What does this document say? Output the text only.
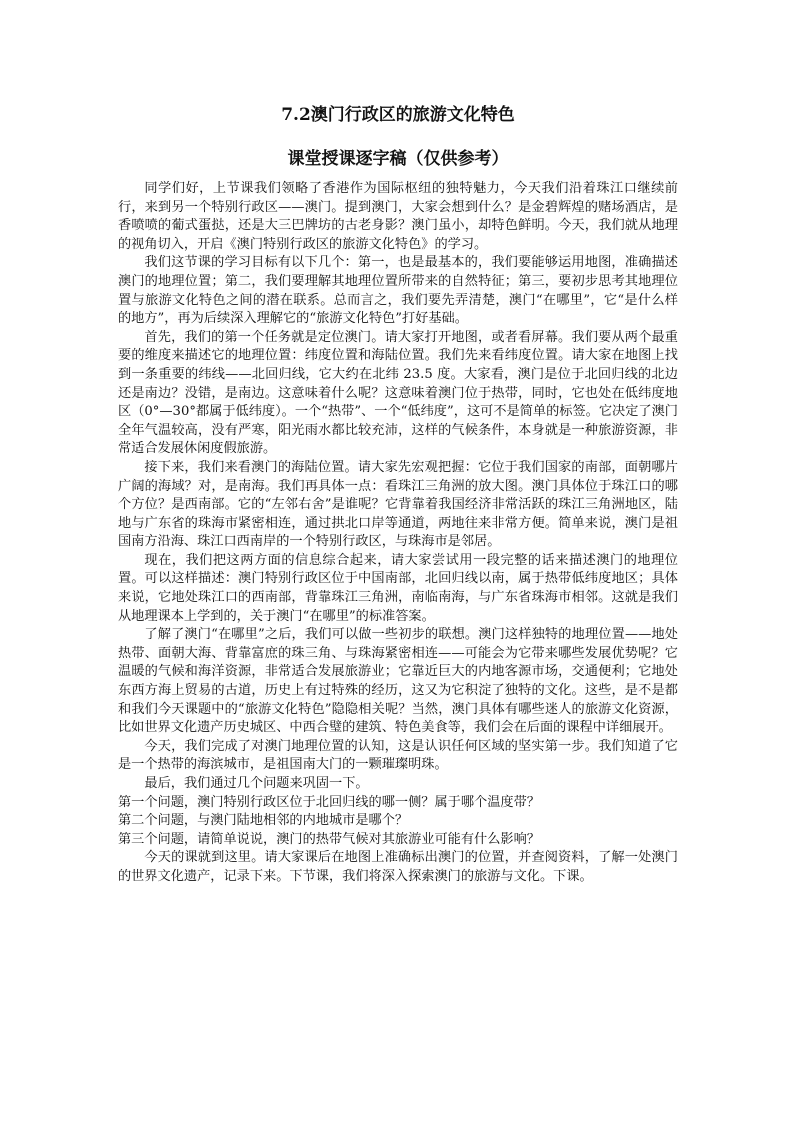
7.2澳门行政区的旅游文化特色
课堂授课逐字稿（仅供参考）

同学们好，上节课我们领略了香港作为国际枢纽的独特魅力，今天我们沿着珠江口继续前行，来到另一个特别行政区——澳门。提到澳门，大家会想到什么？是金碧辉煌的赌场酒店，是香喷喷的葡式蛋挞，还是大三巴牌坊的古老身影？澳门虽小，却特色鲜明。今天，我们就从地理的视角切入，开启《澳门特别行政区的旅游文化特色》的学习。

我们这节课的学习目标有以下几个：第一，也是最基本的，我们要能够运用地图，准确描述澳门的地理位置；第二，我们要理解其地理位置所带来的自然特征；第三，要初步思考其地理位置与旅游文化特色之间的潜在联系。总而言之，我们要先弄清楚，澳门“在哪里”，它“是什么样的地方”，再为后续深入理解它的“旅游文化特色”打好基础。

首先，我们的第一个任务就是定位澳门。请大家打开地图，或者看屏幕。我们要从两个最重要的维度来描述它的地理位置：纬度位置和海陆位置。我们先来看纬度位置。请大家在地图上找到一条重要的纬线——北回归线，它大约在北纬 23.5 度。大家看，澳门是位于北回归线的北边还是南边？没错，是南边。这意味着什么呢？这意味着澳门位于热带，同时，它也处在低纬度地区（0°—30°都属于低纬度）。一个“热带”、一个“低纬度”，这可不是简单的标签。它决定了澳门全年气温较高，没有严寒，阳光雨水都比较充沛，这样的气候条件，本身就是一种旅游资源，非常适合发展休闲度假旅游。

接下来，我们来看澳门的海陆位置。请大家先宏观把握：它位于我们国家的南部，面朝哪片广阔的海域？对，是南海。我们再具体一点：看珠江三角洲的放大图。澳门具体位于珠江口的哪个方位？是西南部。它的“左邻右舍”是谁呢？它背靠着我国经济非常活跃的珠江三角洲地区，陆地与广东省的珠海市紧密相连，通过拱北口岸等通道，两地往来非常方便。简单来说，澳门是祖国南方沿海、珠江口西南岸的一个特别行政区，与珠海市是邻居。

现在，我们把这两方面的信息综合起来，请大家尝试用一段完整的话来描述澳门的地理位置。可以这样描述：澳门特别行政区位于中国南部，北回归线以南，属于热带低纬度地区；具体来说，它地处珠江口的西南部，背靠珠江三角洲，南临南海，与广东省珠海市相邻。这就是我们从地理课本上学到的，关于澳门“在哪里”的标准答案。

了解了澳门“在哪里”之后，我们可以做一些初步的联想。澳门这样独特的地理位置——地处热带、面朝大海、背靠富庶的珠三角、与珠海紧密相连——可能会为它带来哪些发展优势呢？它温暖的气候和海洋资源，非常适合发展旅游业；它靠近巨大的内地客源市场，交通便利；它地处东西方海上贸易的古道，历史上有过特殊的经历，这又为它积淀了独特的文化。这些，是不是都和我们今天课题中的“旅游文化特色”隐隐相关呢？当然，澳门具体有哪些迷人的旅游文化资源，比如世界文化遗产历史城区、中西合璧的建筑、特色美食等，我们会在后面的课程中详细展开。

今天，我们完成了对澳门地理位置的认知，这是认识任何区域的坚实第一步。我们知道了它是一个热带的海滨城市，是祖国南大门的一颗璀璨明珠。

最后，我们通过几个问题来巩固一下。

第一个问题，澳门特别行政区位于北回归线的哪一侧？属于哪个温度带？

第二个问题，与澳门陆地相邻的内地城市是哪个？

第三个问题，请简单说说，澳门的热带气候对其旅游业可能有什么影响？

今天的课就到这里。请大家课后在地图上准确标出澳门的位置，并查阅资料，了解一处澳门的世界文化遗产，记录下来。下节课，我们将深入探索澳门的旅游与文化。下课。
